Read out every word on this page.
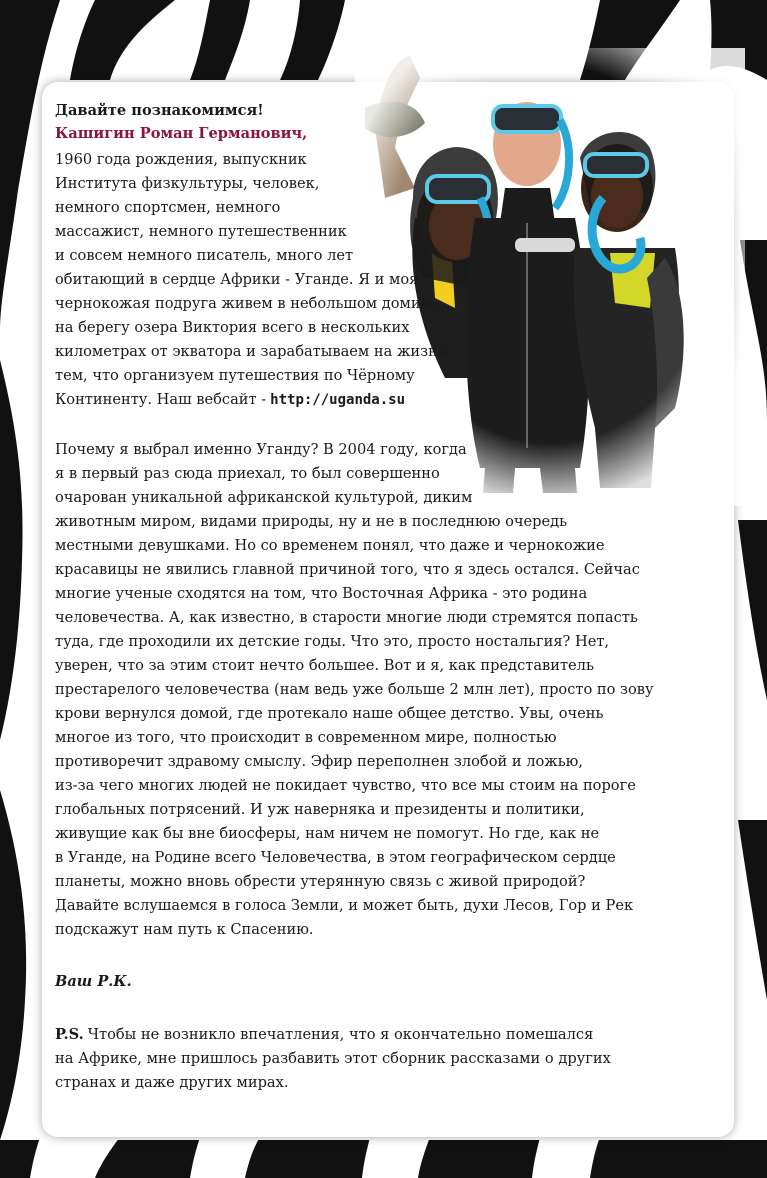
Давайте познакомимся!
Кашигин Роман Германович,
1960 года рождения, выпускник
Института физкультуры, человек,
немного спортсмен, немного
массажист, немного путешественник
и совсем немного писатель, много лет
обитающий в сердце Африки - Уганде. Я и моя
чернокожая подруга живем в небольшом домике
на берегу озера Виктория всего в нескольких
километрах от экватора и зарабатываем на жизнь
тем, что организуем путешествия по Чёрному
Континенту. Наш вебсайт - http://uganda.su
Почему я выбрал именно Уганду? В 2004 году, когда
я в первый раз сюда приехал, то был совершенно
очарован уникальной африканской культурой, диким
животным миром, видами природы, ну и не в последнюю очередь
местными девушками. Но со временем понял, что даже и чернокожие
красавицы не явились главной причиной того, что я здесь остался. Сейчас
многие ученые сходятся на том, что Восточная Африка - это родина
человечества. А, как известно, в старости многие люди стремятся попасть
туда, где проходили их детские годы. Что это, просто ностальгия? Нет,
уверен, что за этим стоит нечто большее. Вот и я, как представитель
престарелого человечества (нам ведь уже больше 2 млн лет), просто по зову
крови вернулся домой, где протекало наше общее детство. Увы, очень
многое из того, что происходит в современном мире, полностью
противоречит здравому смыслу. Эфир переполнен злобой и ложью,
из-за чего многих людей не покидает чувство, что все мы стоим на пороге
глобальных потрясений. И уж наверняка и президенты и политики,
живущие как бы вне биосферы, нам ничем не помогут. Но где, как не
в Уганде, на Родине всего Человечества, в этом географическом сердце
планеты, можно вновь обрести утерянную связь с живой природой?
Давайте вслушаемся в голоса Земли, и может быть, духи Лесов, Гор и Рек
подскажут нам путь к Спасению.
Ваш Р.К.
P.S. Чтобы не возникло впечатления, что я окончательно помешался
на Африке, мне пришлось разбавить этот сборник рассказами о других
странах и даже других мирах.
